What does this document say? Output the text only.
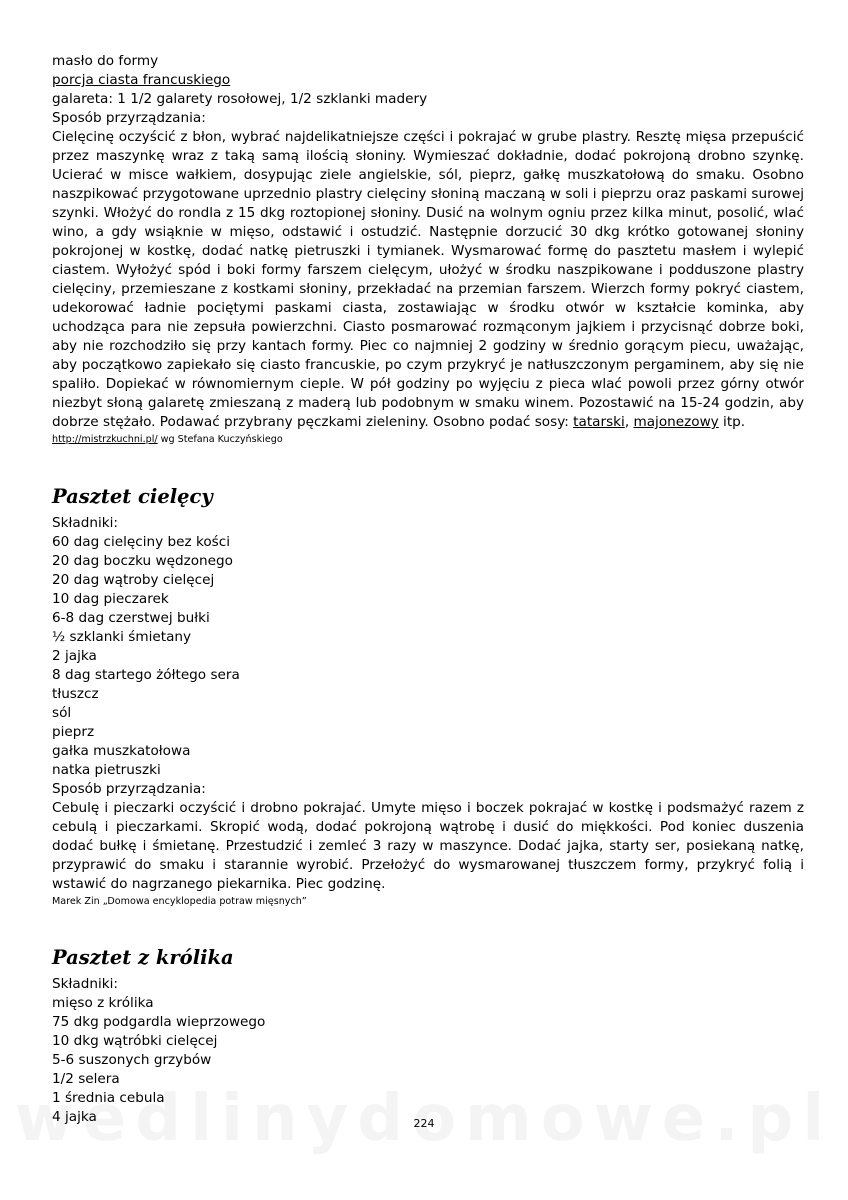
masło do formy
porcja ciasta francuskiego
galareta: 1 1/2 galarety rosołowej, 1/2 szklanki madery
Sposób przyrządzania:

Cielęcinę oczyścić z błon, wybrać najdelikatniejsze części i pokrajać w grube plastry. Resztę mięsa przepuścić przez maszynkę wraz z taką samą ilością słoniny. Wymieszać dokładnie, dodać pokrojoną drobno szynkę. Ucierać w misce wałkiem, dosypując ziele angielskie, sól, pieprz, gałkę muszkatołową do smaku. Osobno naszpikować przygotowane uprzednio plastry cielęciny słoniną maczaną w soli i pieprzu oraz paskami surowej szynki. Włożyć do rondla z 15 dkg roztopionej słoniny. Dusić na wolnym ogniu przez kilka minut, posolić, wlać wino, a gdy wsiąknie w mięso, odstawić i ostudzić. Następnie dorzucić 30 dkg krótko gotowanej słoniny pokrojonej w kostkę, dodać natkę pietruszki i tymianek. Wysmarować formę do pasztetu masłem i wylepić ciastem. Wyłożyć spód i boki formy farszem cielęcym, ułożyć w środku naszpikowane i podduszone plastry cielęciny, przemieszane z kostkami słoniny, przekładać na przemian farszem. Wierzch formy pokryć ciastem, udekorować ładnie pociętymi paskami ciasta, zostawiając w środku otwór w kształcie kominka, aby uchodząca para nie zepsuła powierzchni. Ciasto posmarować rozmąconym jajkiem i przycisnąć dobrze boki, aby nie rozchodziło się przy kantach formy. Piec co najmniej 2 godziny w średnio gorącym piecu, uważając, aby początkowo zapiekało się ciasto francuskie, po czym przykryć je natłuszczonym pergaminem, aby się nie spaliło. Dopiekać w równomiernym cieple. W pół godziny po wyjęciu z pieca wlać powoli przez górny otwór niezbyt słoną galaretę zmieszaną z maderą lub podobnym w smaku winem. Pozostawić na 15-24 godzin, aby dobrze stężało. Podawać przybrany pęczkami zieleniny. Osobno podać sosy: tatarski, majonezowy itp.

http://mistrzkuchni.pl/ wg Stefana Kuczyńskiego
Pasztet cielęcy
Składniki:
60 dag cielęciny bez kości
20 dag boczku wędzonego
20 dag wątroby cielęcej
10 dag pieczarek
6-8 dag czerstwej bułki
½ szklanki śmietany
2 jajka
8 dag startego żółtego sera
tłuszcz
sól
pieprz
gałka muszkatołowa
natka pietruszki
Sposób przyrządzania:

Cebulę i pieczarki oczyścić i drobno pokrajać. Umyte mięso i boczek pokrajać w kostkę i podsmażyć razem z cebulą i pieczarkami. Skropić wodą, dodać pokrojoną wątrobę i dusić do miękkości. Pod koniec duszenia dodać bułkę i śmietanę. Przestudzić i zemleć 3 razy w maszynce. Dodać jajka, starty ser, posiekaną natkę, przyprawić do smaku i starannie wyrobić. Przełożyć do wysmarowanej tłuszczem formy, przykryć folią i wstawić do nagrzanego piekarnika. Piec godzinę.

Marek Zin „Domowa encyklopedia potraw mięsnych”
Pasztet z królika
Składniki:
mięso z królika
75 dkg podgardla wieprzowego
10 dkg wątróbki cielęcej
5-6 suszonych grzybów
1/2 selera
1 średnia cebula
4 jajka	224
